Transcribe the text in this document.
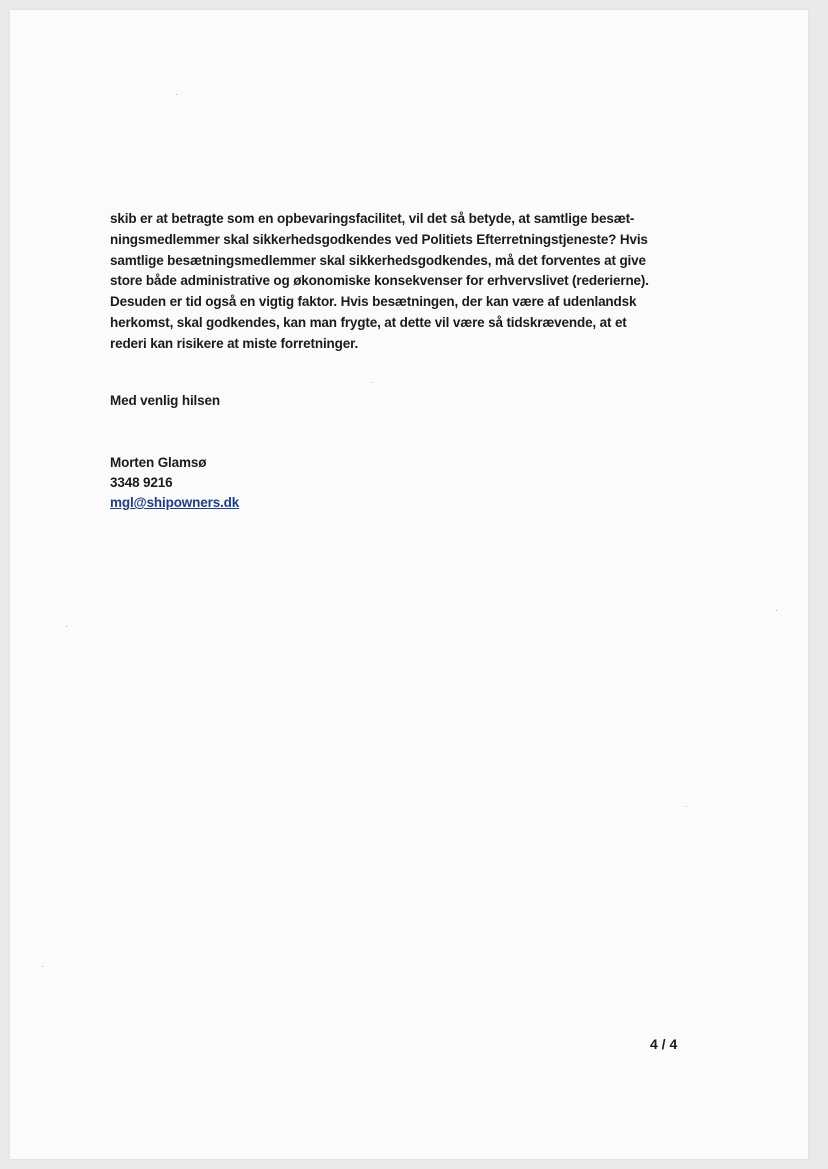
skib er at betragte som en opbevaringsfacilitet, vil det så betyde, at samtlige besæt-
ningsmedlemmer skal sikkerhedsgodkendes ved Politiets Efterretningstjeneste? Hvis
samtlige besætningsmedlemmer skal sikkerhedsgodkendes, må det forventes at give
store både administrative og økonomiske konsekvenser for erhvervslivet (rederierne).
Desuden er tid også en vigtig faktor. Hvis besætningen, der kan være af udenlandsk
herkomst, skal godkendes, kan man frygte, at dette vil være så tidskrævende, at et
rederi kan risikere at miste forretninger.

Med venlig hilsen

Morten Glamsø
3348 9216
mgl@shipowners.dk
4 / 4
